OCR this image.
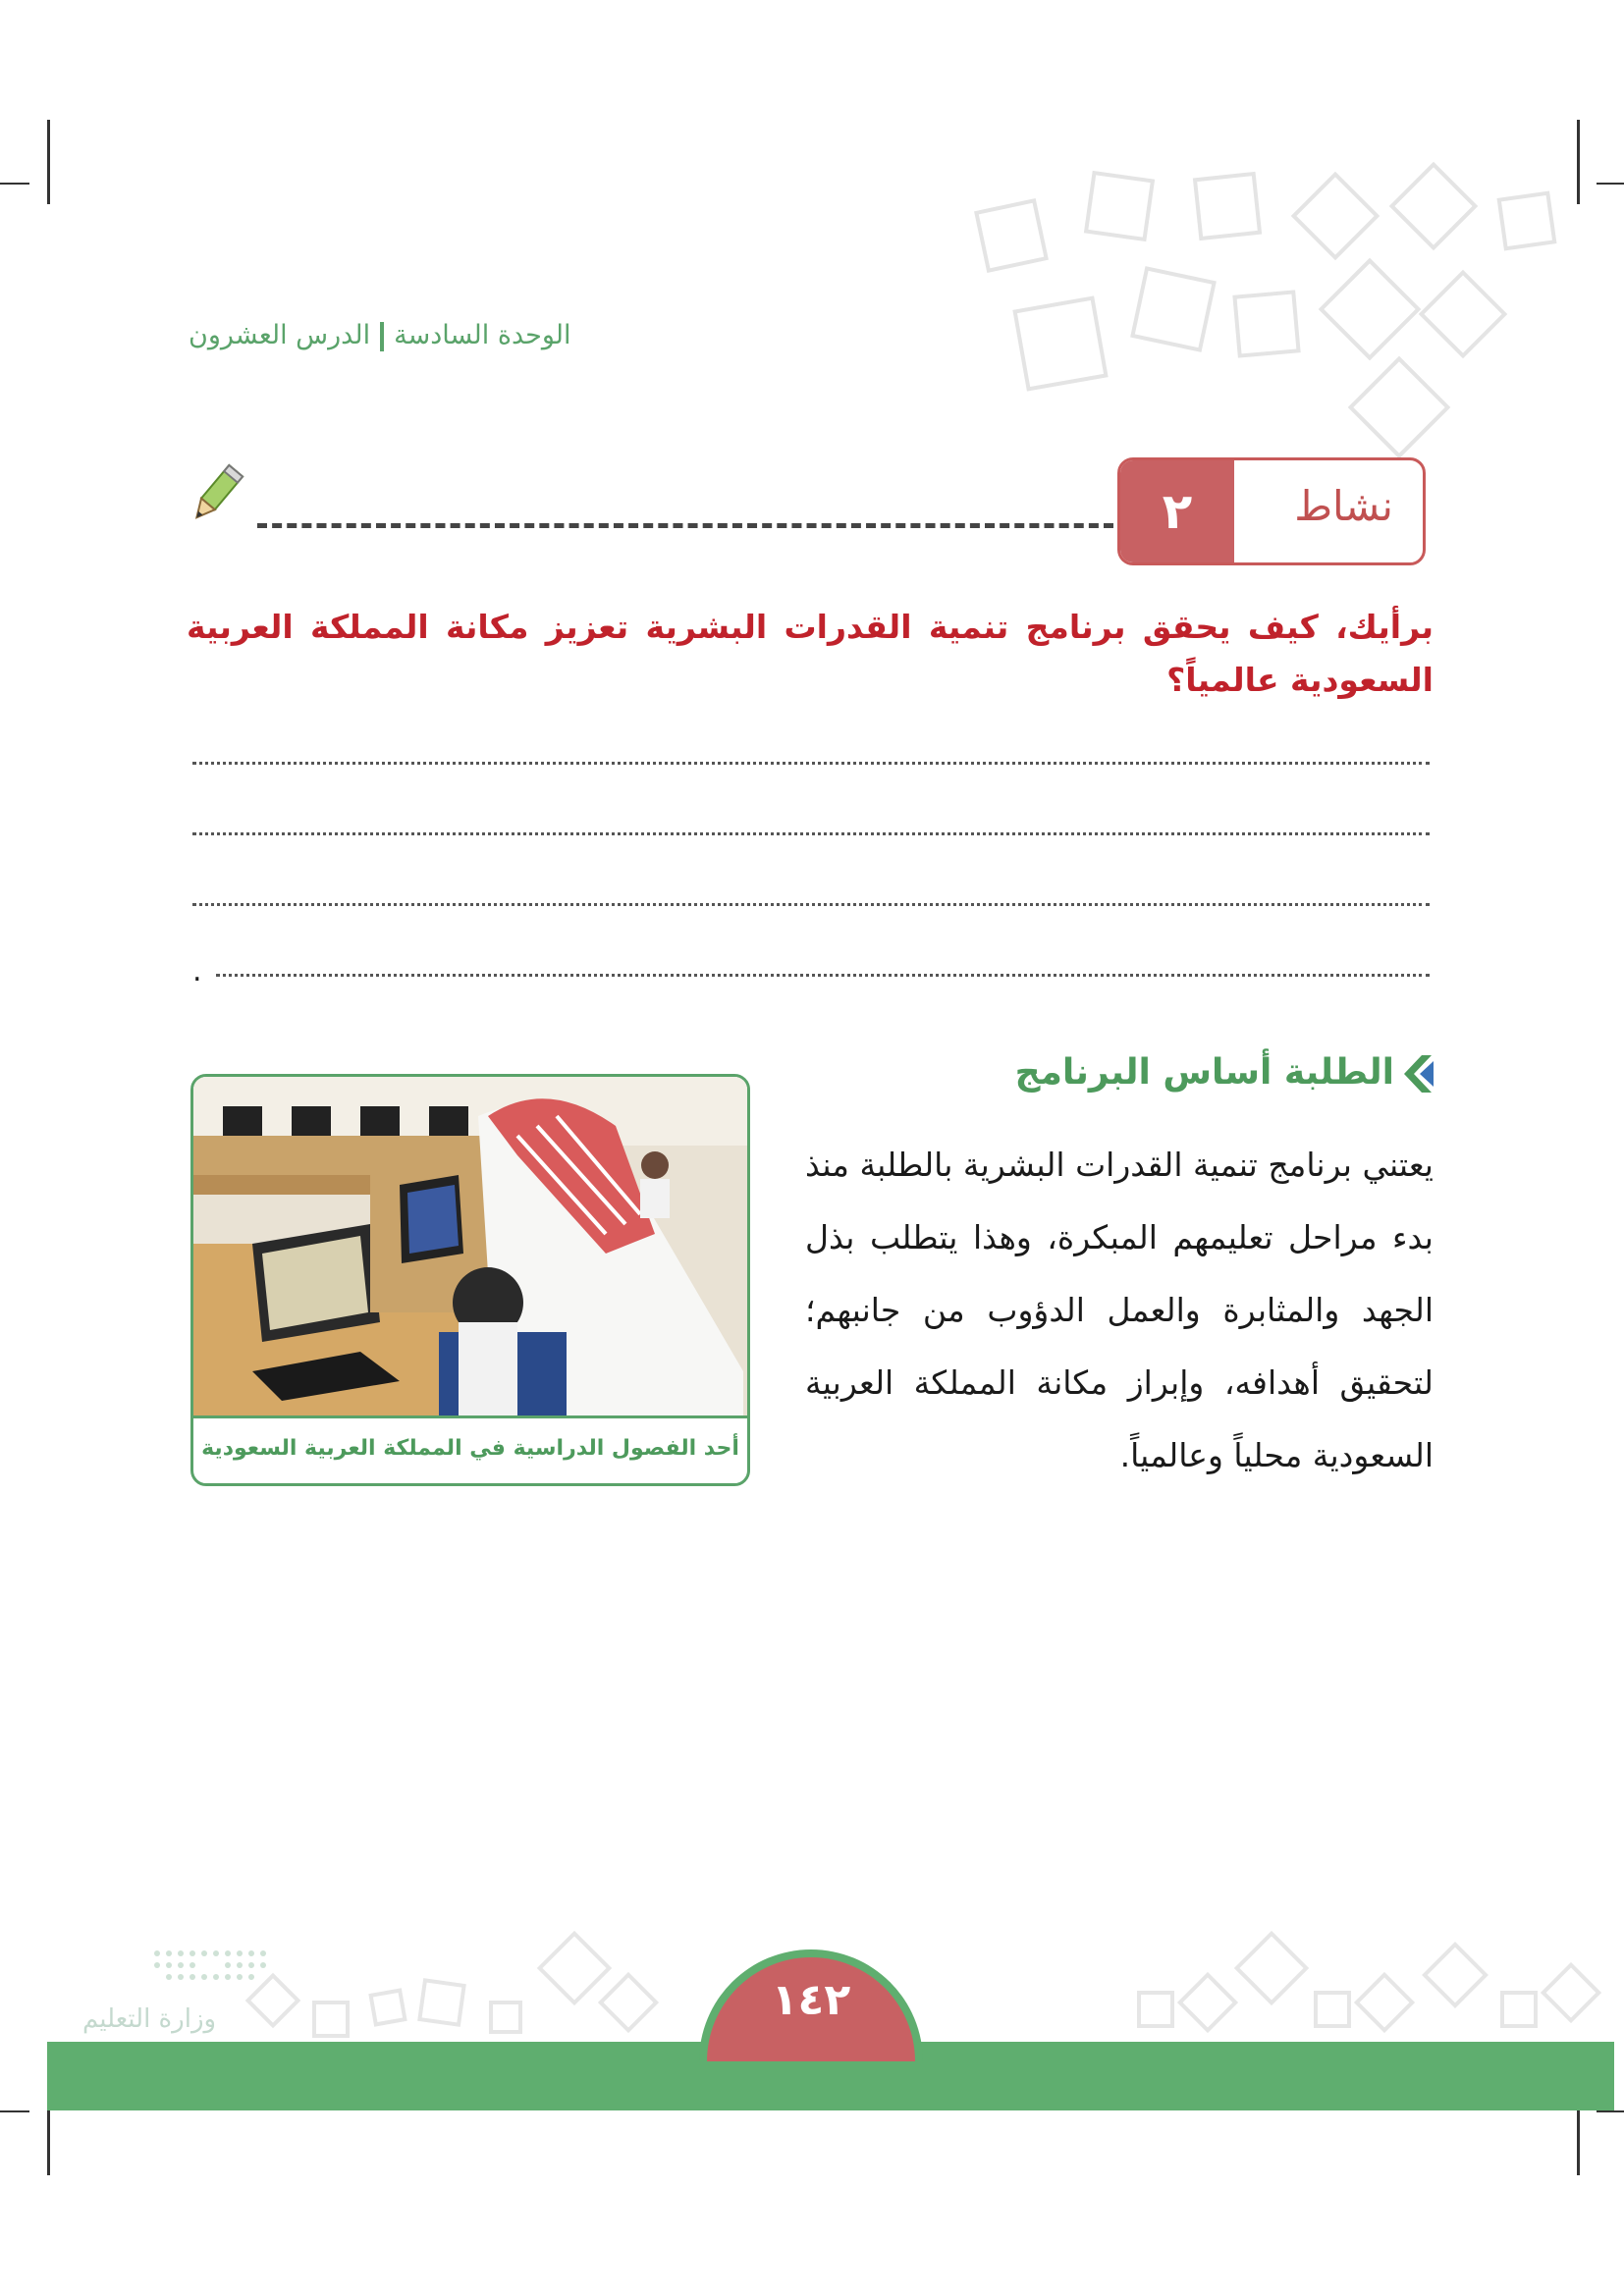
الوحدة السادسةالدرس العشرون
نشاط
٢
برأيك، كيف يحقق برنامج تنمية القدرات البشرية تعزيز مكانة المملكة العربية السعودية عالمياً؟
.
الطلبة أساس البرنامج
يعتني برنامج تنمية القدرات البشرية بالطلبة منذ بدء مراحل تعليمهم المبكرة، وهذا يتطلب بذل الجهد والمثابرة والعمل الدؤوب من جانبهم؛ لتحقيق أهدافه، وإبراز مكانة المملكة العربية السعودية محلياً وعالمياً.
أحد الفصول الدراسية في المملكة العربية السعودية
وزارة التعليم	١٤٢
